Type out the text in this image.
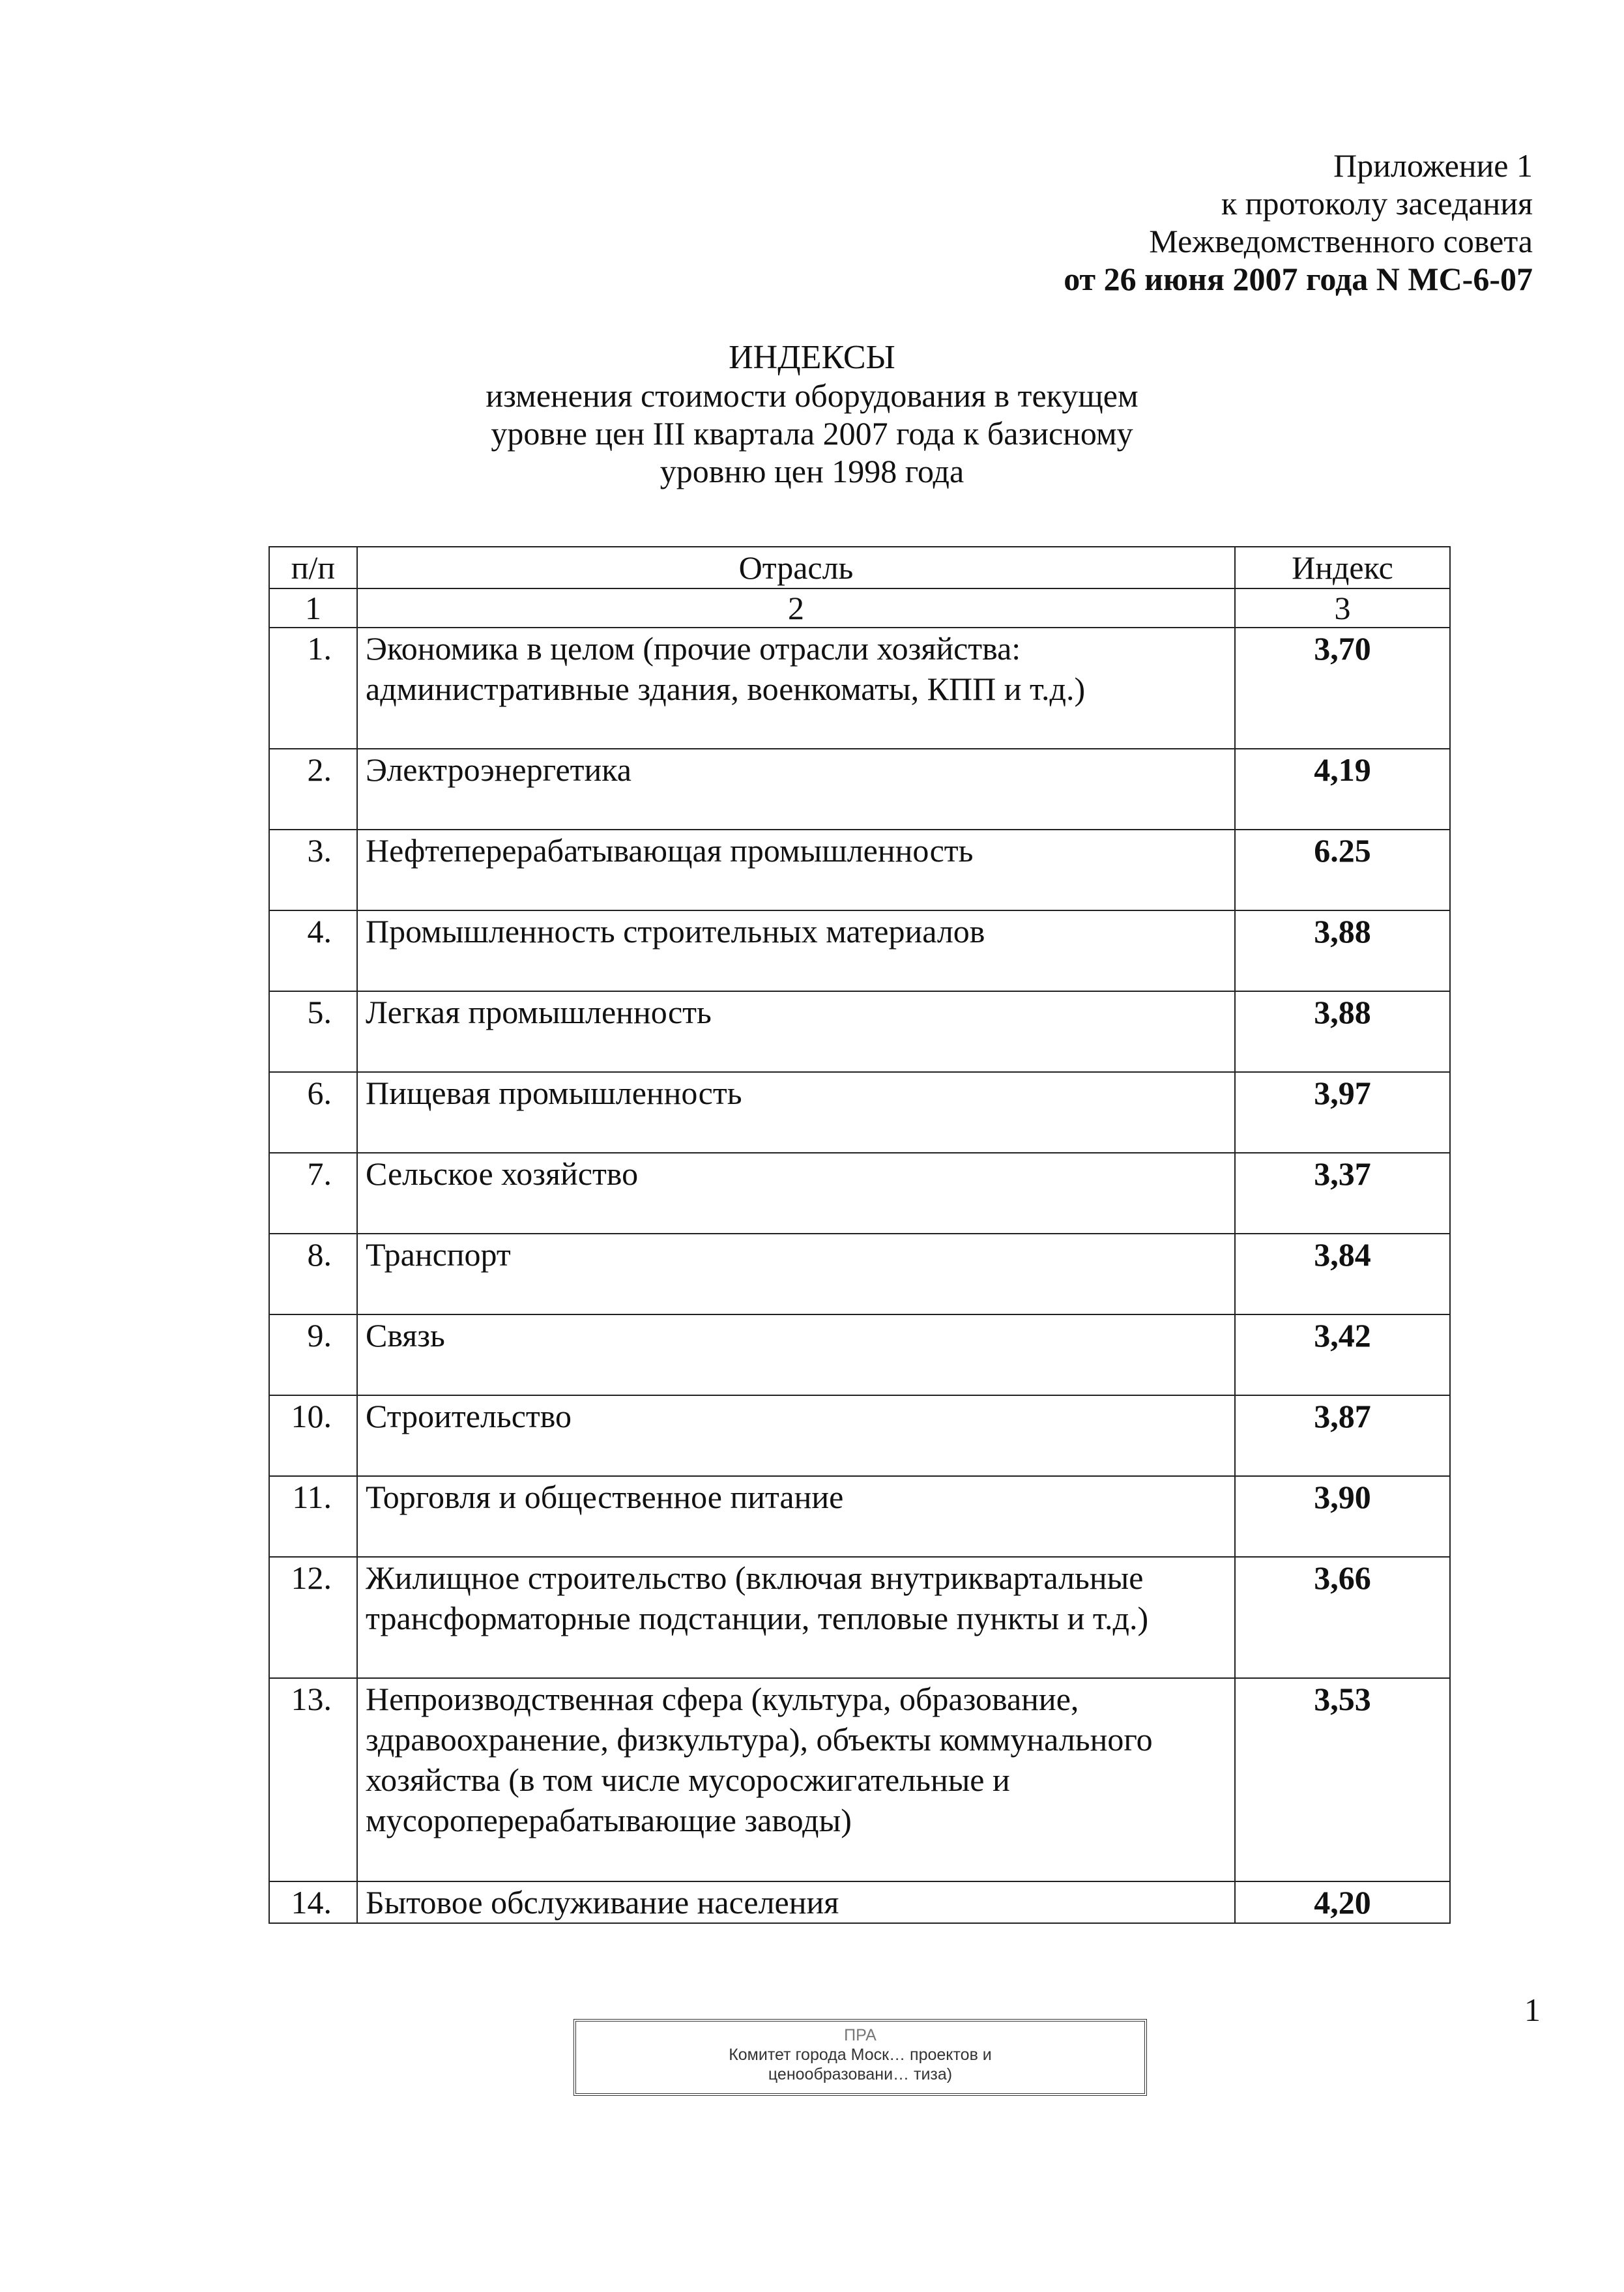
Приложение 1
к протоколу заседания
Межведомственного совета
от 26 июня 2007 года N МС-6-07
ИНДЕКСЫ
изменения стоимости оборудования в текущем
уровне цен III квартала 2007 года к базисному
уровню цен 1998 года
п/п	Отрасль	Индекс
1	2	3
1.	Экономика в целом (прочие отрасли хозяйства: административные здания, военкоматы, КПП и т.д.)	3,70
2.	Электроэнергетика	4,19
3.	Нефтеперерабатывающая промышленность	6.25
4.	Промышленность строительных материалов	3,88
5.	Легкая промышленность	3,88
6.	Пищевая промышленность	3,97
7.	Сельское хозяйство	3,37
8.	Транспорт	3,84
9.	Связь	3,42
10.	Строительство	3,87
11.	Торговля и общественное питание	3,90
12.	Жилищное строительство (включая внутриквартальные трансформаторные подстанции, тепловые пункты и т.д.)	3,66
13.	Непроизводственная сфера (культура, образование, здравоохранение, физкультура), объекты коммунального хозяйства (в том числе мусоросжигательные и мусороперерабатывающие заводы)	3,53
14.	Бытовое обслуживание населения	4,20
1
ПРА
Комитет города Моск… проектов и
ценообразовани… тиза)
